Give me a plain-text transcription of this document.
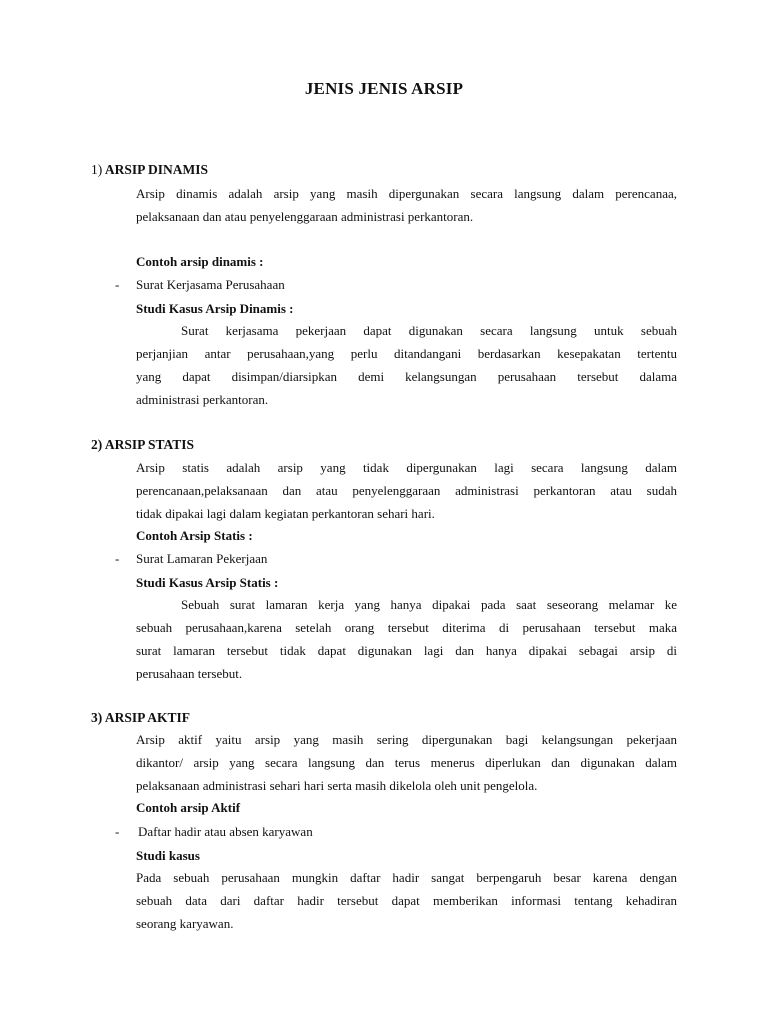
JENIS JENIS ARSIP
1) ARSIP DINAMIS
Arsip dinamis adalah arsip yang masih dipergunakan secara langsung dalam perencanaa,
pelaksanaan dan atau penyelenggaraan administrasi perkantoran.
Contoh arsip dinamis :
- Surat Kerjasama Perusahaan
Studi Kasus Arsip Dinamis :
Surat kerjasama pekerjaan dapat digunakan secara langsung untuk sebuah
perjanjian antar perusahaan,yang perlu ditandangani berdasarkan kesepakatan tertentu
yang dapat disimpan/diarsipkan demi kelangsungan perusahaan tersebut dalama
administrasi perkantoran.
2) ARSIP STATIS
Arsip statis adalah arsip yang tidak dipergunakan lagi secara langsung dalam
perencanaan,pelaksanaan dan atau penyelenggaraan administrasi perkantoran atau sudah
tidak dipakai lagi dalam kegiatan perkantoran sehari hari.
Contoh Arsip Statis :
- Surat Lamaran Pekerjaan
Studi Kasus Arsip Statis :
Sebuah surat lamaran kerja yang hanya dipakai pada saat seseorang melamar ke
sebuah perusahaan,karena setelah orang tersebut diterima di perusahaan tersebut maka
surat lamaran tersebut tidak dapat digunakan lagi dan hanya dipakai sebagai arsip di
perusahaan tersebut.
3) ARSIP AKTIF
Arsip aktif yaitu arsip yang masih sering dipergunakan bagi kelangsungan pekerjaan
dikantor/ arsip yang secara langsung dan terus menerus diperlukan dan digunakan dalam
pelaksanaan administrasi sehari hari serta masih dikelola oleh unit pengelola.
Contoh arsip Aktif
- Daftar hadir atau absen karyawan
Studi kasus
Pada sebuah perusahaan mungkin daftar hadir sangat berpengaruh besar karena dengan
sebuah data dari daftar hadir tersebut dapat memberikan informasi tentang kehadiran
seorang karyawan.
